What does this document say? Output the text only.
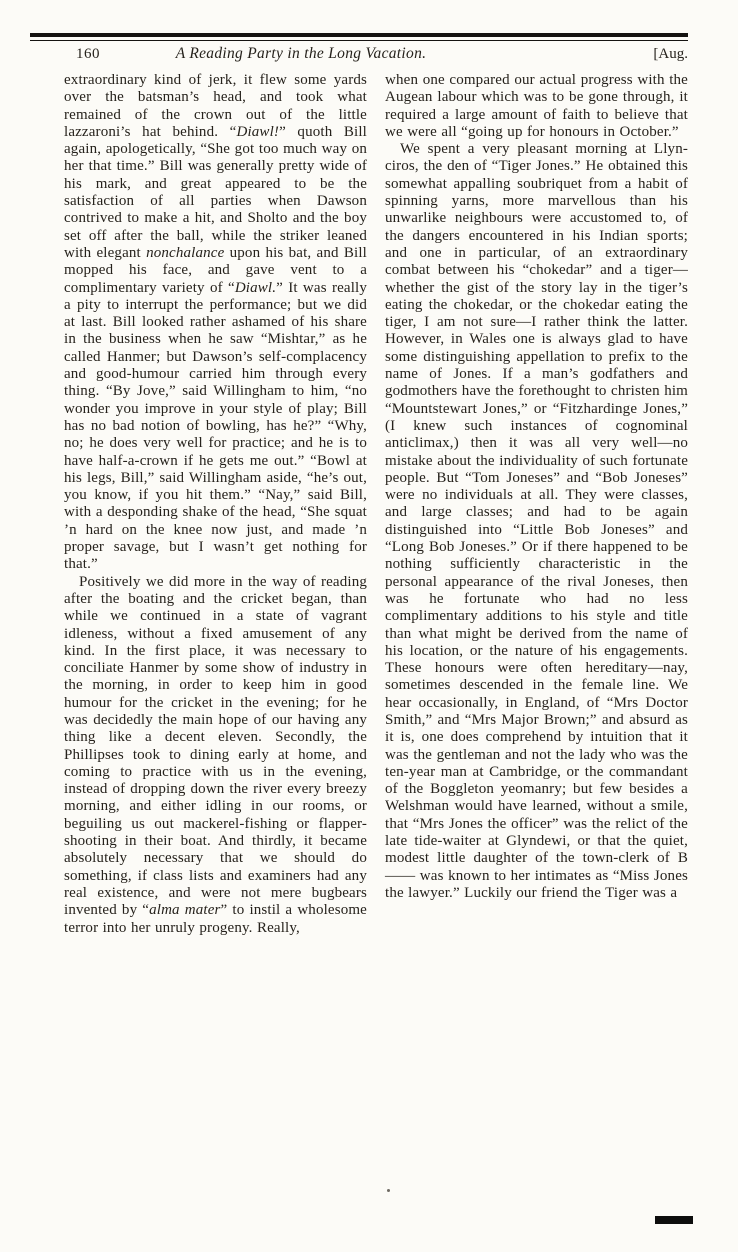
160	A Reading Party in the Long Vacation.	[Aug.

extraordinary kind of jerk, it flew some yards over the batsman’s head, and took what remained of the crown out of the little lazzaroni’s hat behind. “Diawl!” quoth Bill again, apologetically, “She got too much way on her that time.” Bill was generally pretty wide of his mark, and great appeared to be the satisfaction of all parties when Dawson contrived to make a hit, and Sholto and the boy set off after the ball, while the striker leaned with elegant nonchalance upon his bat, and Bill mopped his face, and gave vent to a complimentary variety of “Diawl.” It was really a pity to interrupt the performance; but we did at last. Bill looked rather ashamed of his share in the business when he saw “Mishtar,” as he called Hanmer; but Dawson’s self-complacency and good-humour carried him through every thing. “By Jove,” said Willingham to him, “no wonder you improve in your style of play; Bill has no bad notion of bowling, has he?” “Why, no; he does very well for practice; and he is to have half-a-crown if he gets me out.” “Bowl at his legs, Bill,” said Willingham aside, “he’s out, you know, if you hit them.” “Nay,” said Bill, with a desponding shake of the head, “She squat ’n hard on the knee now just, and made ’n proper savage, but I wasn’t get nothing for that.”

Positively we did more in the way of reading after the boating and the cricket began, than while we continued in a state of vagrant idleness, without a fixed amusement of any kind. In the first place, it was necessary to conciliate Hanmer by some show of industry in the morning, in order to keep him in good humour for the cricket in the evening; for he was decidedly the main hope of our having any thing like a decent eleven. Secondly, the Phillipses took to dining early at home, and coming to practice with us in the evening, instead of dropping down the river every breezy morning, and either idling in our rooms, or beguiling us out mackerel-fishing or flapper-shooting in their boat. And thirdly, it became absolutely necessary that we should do something, if class lists and examiners had any real existence, and were not mere bugbears invented by “alma mater” to instil a wholesome terror into her unruly progeny. Really,

when one compared our actual progress with the Augean labour which was to be gone through, it required a large amount of faith to believe that we were all “going up for honours in October.”

We spent a very pleasant morning at Llyn-ciros, the den of “Tiger Jones.” He obtained this somewhat appalling soubriquet from a habit of spinning yarns, more marvellous than his unwarlike neighbours were accustomed to, of the dangers encountered in his Indian sports; and one in particular, of an extraordinary combat between his “chokedar” and a tiger—whether the gist of the story lay in the tiger’s eating the chokedar, or the chokedar eating the tiger, I am not sure—I rather think the latter. However, in Wales one is always glad to have some distinguishing appellation to prefix to the name of Jones. If a man’s godfathers and godmothers have the forethought to christen him “Mountstewart Jones,” or “Fitzhardinge Jones,” (I knew such instances of cognominal anticlimax,) then it was all very well—no mistake about the individuality of such fortunate people. But “Tom Joneses” and “Bob Joneses” were no individuals at all. They were classes, and large classes; and had to be again distinguished into “Little Bob Joneses” and “Long Bob Joneses.” Or if there happened to be nothing sufficiently characteristic in the personal appearance of the rival Joneses, then was he fortunate who had no less complimentary additions to his style and title than what might be derived from the name of his location, or the nature of his engagements. These honours were often hereditary—nay, sometimes descended in the female line. We hear occasionally, in England, of “Mrs Doctor Smith,” and “Mrs Major Brown;” and absurd as it is, one does comprehend by intuition that it was the gentleman and not the lady who was the ten-year man at Cambridge, or the commandant of the Boggleton yeomanry; but few besides a Welshman would have learned, without a smile, that “Mrs Jones the officer” was the relict of the late tide-waiter at Glyndewi, or that the quiet, modest little daughter of the town-clerk of B—— was known to her intimates as “Miss Jones the lawyer.” Luckily our friend the Tiger was a
